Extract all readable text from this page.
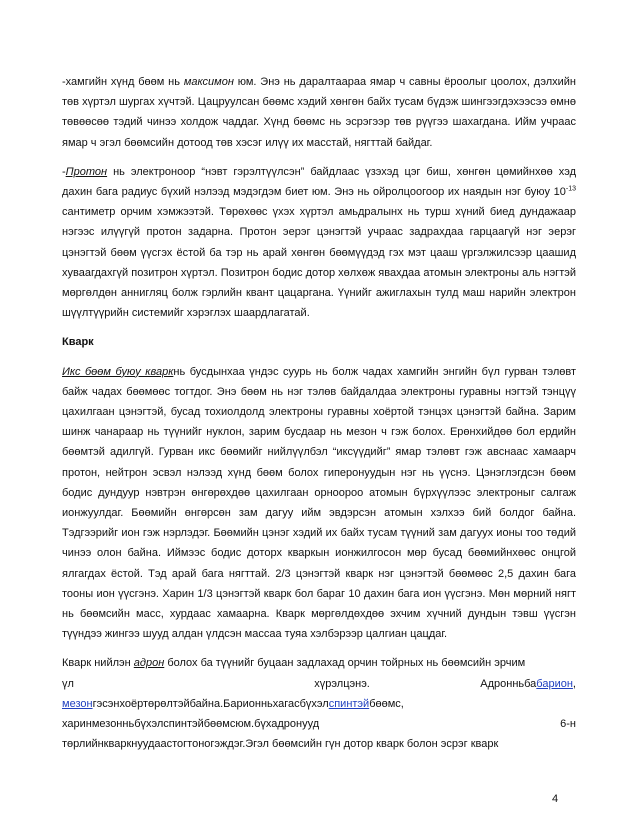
-хамгийн хүнд бөөм нь максимон юм. Энэ нь даралтаараа ямар ч савны ёроолыг цоолох, дэлхийн төв хүртэл шургах хүчтэй. Цацруулсан бөөмс хэдий хөнгөн байх тусам бүдэж шингээгдэхээсээ өмнө төвөөсөө тэдий чинээ холдож чаддаг. Хүнд бөөмс нь эсрэгээр төв рүүгээ шахагдана. Ийм учраас ямар ч эгэл бөөмсийн дотоод төв хэсэг илүү их масстай, нягттай байдаг.

-Протон нь электроноор “нэвт гэрэлтүүлсэн” байдлаас үзэхэд цэг биш, хөнгөн цөмийнхөө хэд дахин бага радиус бүхий нэлээд мэдэгдэм биет юм. Энэ нь ойролцоогоор их наядын нэг буюу $10^{-13}$ сантиметр орчим хэмжээтэй. Төрөхөөс үхэх хүртэл амьдралынх нь турш хүний биед дундажаар нэгээс илүүгүй протон задарна. Протон эерэг цэнэгтэй учраас задрахдаа гарцаагүй нэг эерэг цэнэгтэй бөөм үүсгэх ёстой ба тэр нь арай хөнгөн бөөмүүдэд гэх мэт цааш үргэлжилсээр цаашид хуваагдахгүй позитрон хүртэл. Позитрон бодис дотор хөлхөж явахдаа атомын электроны аль нэгтэй мөргөлдөн аннигляц болж гэрлийн квант цацаргана. Үүнийг ажиглахын тулд маш нарийн электрон шүүлтүүрийн системийг хэрэглэх шаардлагатай.

Кварк

Икс бөөм буюу кваркнь бусдынхаа үндэс суурь нь болж чадах хамгийн энгийн бүл гурван тэлөвт байж чадах бөөмөөс тогтдог. Энэ бөөм нь нэг тэлөв байдалдаа электроны гуравны нэгтэй тэнцүү цахилгаан цэнэгтэй, бусад тохиолдолд электроны гуравны хоёртой тэнцэх цэнэгтэй байна. Зарим шинж чанараар нь түүнийг нуклон, зарим бусдаар нь мезон ч гэж болох. Ерөнхийдөө бол ердийн бөөмтэй адилгүй. Гурван икс бөөмийг нийлүүлбэл “иксүүдийг” ямар тэлөвт гэж авснаас хамаарч протон, нейтрон эсвэл нэлээд хүнд бөөм болох гиперонуудын нэг нь үүснэ. Цэнэглэгдсэн бөөм бодис дундуур нэвтрэн өнгөрөхдөө цахилгаан орноороо атомын бүрхүүлээс электроныг салгаж ионжуулдаг. Бөөмийн өнгөрсөн зам дагуу ийм эвдэрсэн атомын хэлхээ бий болдог байна. Тэдгээрийг ион гэж нэрлэдэг. Бөөмийн цэнэг хэдий их байх тусам түүний зам дагуух ионы тоо төдий чинээ олон байна. Иймээс бодис доторх кваркын ионжилгосон мөр бусад бөөмийнхөөс онцгой ялгагдах ёстой. Тэд арай бага нягттай. 2/3 цэнэгтэй кварк нэг цэнэгтэй бөөмөөс 2,5 дахин бага тооны ион үүсгэнэ. Харин 1/3 цэнэгтэй кварк бол бараг 10 дахин бага ион үүсгэнэ. Мөн мөрний нягт нь бөөмсийн масс, хурдаас хамаарна. Кварк мөргөлдөхдөө эхчим хүчний дундын тэвш үүсгэн түүндээ жингээ шууд алдан үлдсэн массаа туяа хэлбэрээр цалгиан цацдаг.

Кварк нийлэн адрон болох ба түүнийг буцаан задлахад орчин тойрных нь бөөмсийн эрчим

үл	хүрэлцэнэ.	Адронньбабарион,
мезонгэсэнхоёртөрөлтэйбайна.Барионньхагасбүхэлспинтэйбөөмс,
харинмезонньбүхэлспинтэйбөөмсюм.бүхадронууд	6-н
төрлийнкваркнуудаастогтоногэждэг.Эгэл бөөмсийн гүн дотор кварк болон эсрэг кварк
4
